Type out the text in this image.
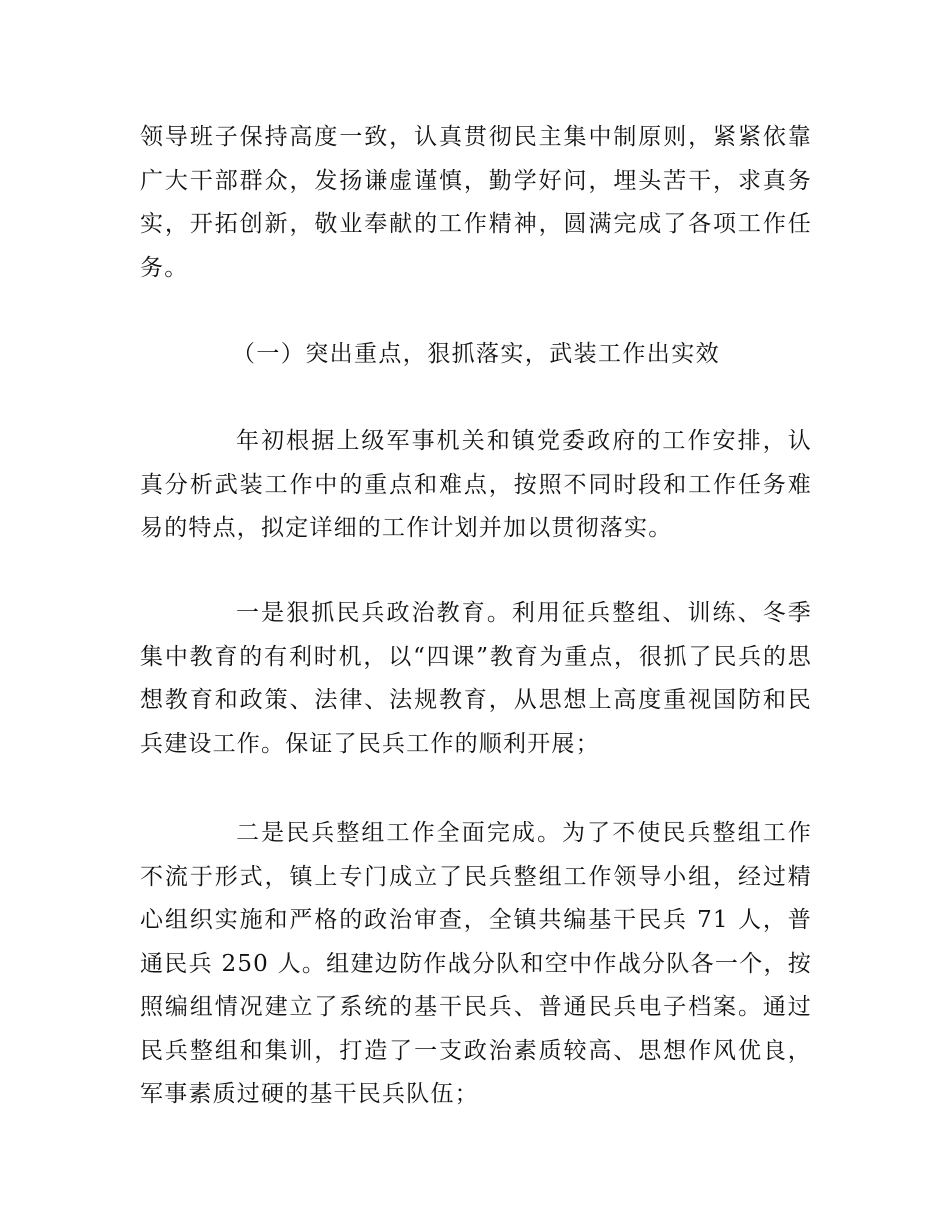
领导班子保持高度一致，认真贯彻民主集中制原则，紧紧依靠广大干部群众，发扬谦虚谨慎，勤学好问，埋头苦干，求真务实，开拓创新，敬业奉献的工作精神，圆满完成了各项工作任务。

（一）突出重点，狠抓落实，武装工作出实效

年初根据上级军事机关和镇党委政府的工作安排，认真分析武装工作中的重点和难点，按照不同时段和工作任务难易的特点，拟定详细的工作计划并加以贯彻落实。

一是狠抓民兵政治教育。利用征兵整组、训练、冬季集中教育的有利时机，以“四课”教育为重点，很抓了民兵的思想教育和政策、法律、法规教育，从思想上高度重视国防和民兵建设工作。保证了民兵工作的顺利开展；

二是民兵整组工作全面完成。为了不使民兵整组工作不流于形式，镇上专门成立了民兵整组工作领导小组，经过精心组织实施和严格的政治审查，全镇共编基干民兵 71 人，普通民兵 250 人。组建边防作战分队和空中作战分队各一个，按照编组情况建立了系统的基干民兵、普通民兵电子档案。通过民兵整组和集训，打造了一支政治素质较高、思想作风优良，军事素质过硬的基干民兵队伍；
